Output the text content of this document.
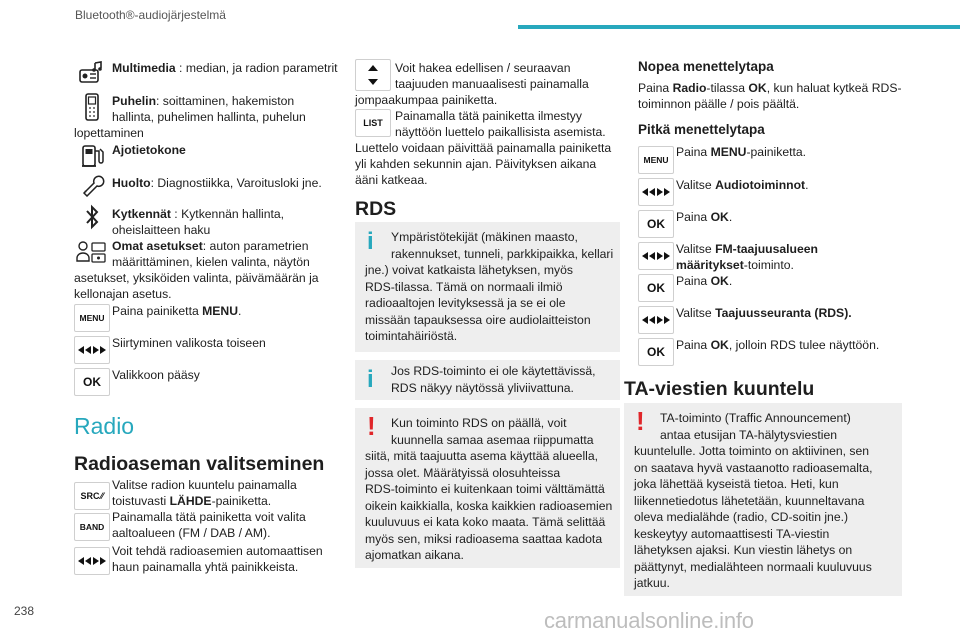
Bluetooth®-audiojärjestelmä
238	carmanualsonline.info
Multimedia : median, ja radion parametrit
Puhelin: soittaminen, hakemiston
hallinta, puhelimen hallinta, puhelun
lopettaminen
Ajotietokone
Huolto: Diagnostiikka, Varoitusloki jne.
Kytkennät : Kytkennän hallinta,
oheislaitteen haku
Omat asetukset: auton parametrien
määrittäminen, kielen valinta, näytön
asetukset, yksiköiden valinta, päivämäärän ja
kellonajan asetus.
MENU Paina painiketta MENU.
Siirtyminen valikosta toiseen
OK Valikkoon pääsy
Radio
Radioaseman valitseminen
SRC ⁄⁄
Valitse radion kuuntelu painamalla
toistuvasti LÄHDE-painiketta.
BAND
Painamalla tätä painiketta voit valita
aaltoalueen (FM / DAB / AM).
Voit tehdä radioasemien automaattisen
haun painamalla yhtä painikkeista.
Voit hakea edellisen / seuraavan
taajuuden manuaalisesti painamalla
jompaakumpaa painiketta.
LIST	Painamalla tätä painiketta ilmestyy
näyttöön luettelo paikallisista asemista.
Luettelo voidaan päivittää painamalla painiketta
yli kahden sekunnin ajan. Päivityksen aikana
ääni katkeaa.
RDS
i Ympäristötekijät (mäkinen maasto,
rakennukset, tunneli, parkkipaikka, kellari
jne.) voivat katkaista lähetyksen, myös
RDS-tilassa. Tämä on normaali ilmiö
radioaaltojen levityksessä ja se ei ole
missään tapauksessa oire audiolaitteiston
toimintahäiriöstä.
i Jos RDS-toiminto ei ole käytettävissä,
RDS näkyy näytössä yliviivattuna.
! Kun toiminto RDS on päällä, voit
kuunnella samaa asemaa riippumatta
siitä, mitä taajuutta asema käyttää alueella,
jossa olet. Määrätyissä olosuhteissa
RDS-toiminto ei kuitenkaan toimi välttämättä
oikein kaikkialla, koska kaikkien radioasemien
kuuluvuus ei kata koko maata. Tämä selittää
myös sen, miksi radioasema saattaa kadota
ajomatkan aikana.
Nopea menettelytapa
Paina Radio-tilassa OK, kun haluat kytkeä RDS-
toiminnon päälle / pois päältä.
Pitkä menettelytapa
MENU
Paina MENU-painiketta.
Valitse Audiotoiminnot.
OK Paina OK.
Valitse FM-taajuusalueen
määritykset-toiminto.
OK Paina OK.
Valitse Taajuusseuranta (RDS).
OK Paina OK, jolloin RDS tulee näyttöön.
TA-viestien kuuntelu
! TA-toiminto (Traffic Announcement)
antaa etusijan TA-hälytysviestien
kuuntelulle. Jotta toiminto on aktiivinen, sen
on saatava hyvä vastaanotto radioasemalta,
joka lähettää kyseistä tietoa. Heti, kun
liikennetiedotus lähetetään, kuunneltavana
oleva medialähde (radio, CD-soitin jne.)
keskeytyy automaattisesti TA-viestin
lähetyksen ajaksi. Kun viestin lähetys on
päättynyt, medialähteen normaali kuuluvuus
jatkuu.
